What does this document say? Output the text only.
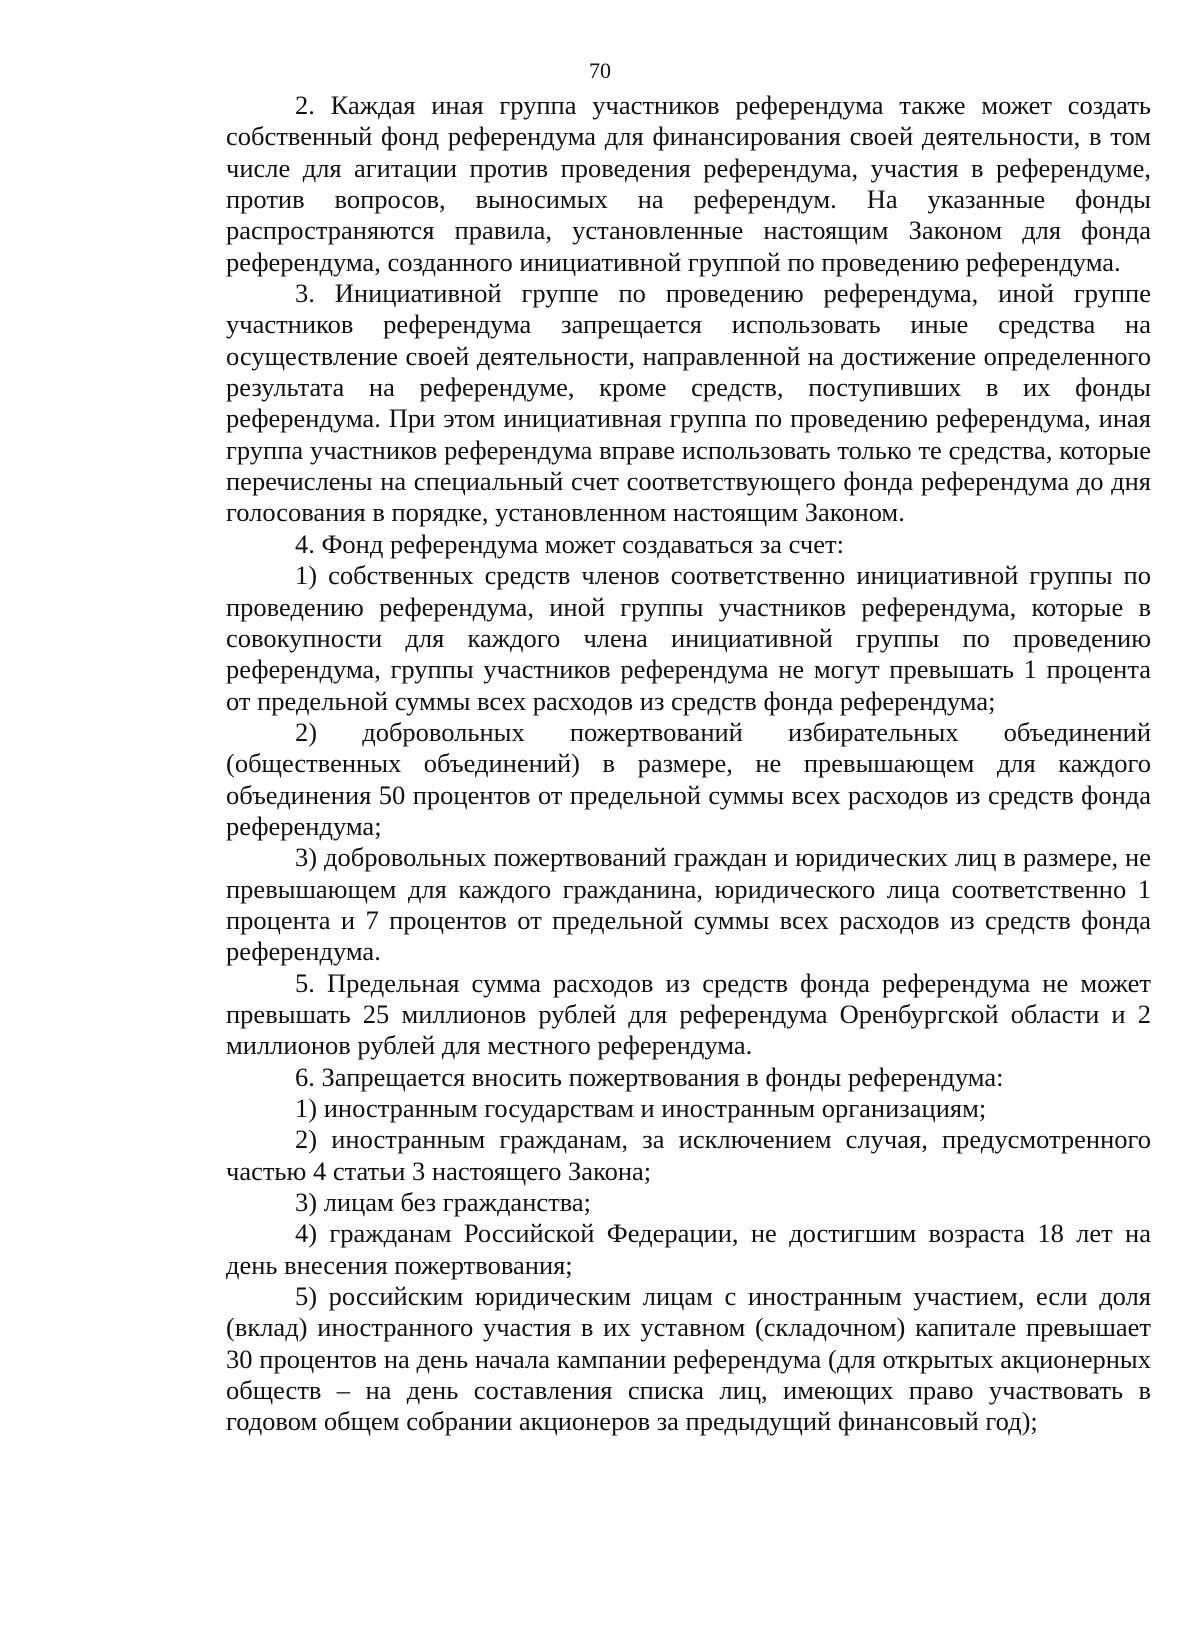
70

2. Каждая иная группа участников референдума также может создать собственный фонд референдума для финансирования своей деятельности, в том числе для агитации против проведения референдума, участия в референдуме, против вопросов, выносимых на референдум. На указанные фонды распространяются правила, установленные настоящим Законом для фонда референдума, созданного инициативной группой по проведению референдума.

3. Инициативной группе по проведению референдума, иной группе участников референдума запрещается использовать иные средства на осуществление своей деятельности, направленной на достижение определенного результата на референдуме, кроме средств, поступивших в их фонды референдума. При этом инициативная группа по проведению референдума, иная группа участников референдума вправе использовать только те средства, которые перечислены на специальный счет соответствующего фонда референдума до дня голосования в порядке, установленном настоящим Законом.

4. Фонд референдума может создаваться за счет:

1) собственных средств членов соответственно инициативной группы по проведению референдума, иной группы участников референдума, которые в совокупности для каждого члена инициативной группы по проведению референдума, группы участников референдума не могут превышать 1 процента от предельной суммы всех расходов из средств фонда референдума;

2) добровольных пожертвований избирательных объединений (общественных объединений) в размере, не превышающем для каждого объединения 50 процентов от предельной суммы всех расходов из средств фонда референдума;

3) добровольных пожертвований граждан и юридических лиц в размере, не превышающем для каждого гражданина, юридического лица соответственно 1 процента и 7 процентов от предельной суммы всех расходов из средств фонда референдума.

5. Предельная сумма расходов из средств фонда референдума не может превышать 25 миллионов рублей для референдума Оренбургской области и 2 миллионов рублей для местного референдума.

6. Запрещается вносить пожертвования в фонды референдума:

1) иностранным государствам и иностранным организациям;

2) иностранным гражданам, за исключением случая, предусмотренного частью 4 статьи 3 настоящего Закона;

3) лицам без гражданства;

4) гражданам Российской Федерации, не достигшим возраста 18 лет на день внесения пожертвования;

5) российским юридическим лицам с иностранным участием, если доля (вклад) иностранного участия в их уставном (складочном) капитале превышает 30 процентов на день начала кампании референдума (для открытых акционерных обществ – на день составления списка лиц, имеющих право участвовать в годовом общем собрании акционеров за предыдущий финансовый год);
